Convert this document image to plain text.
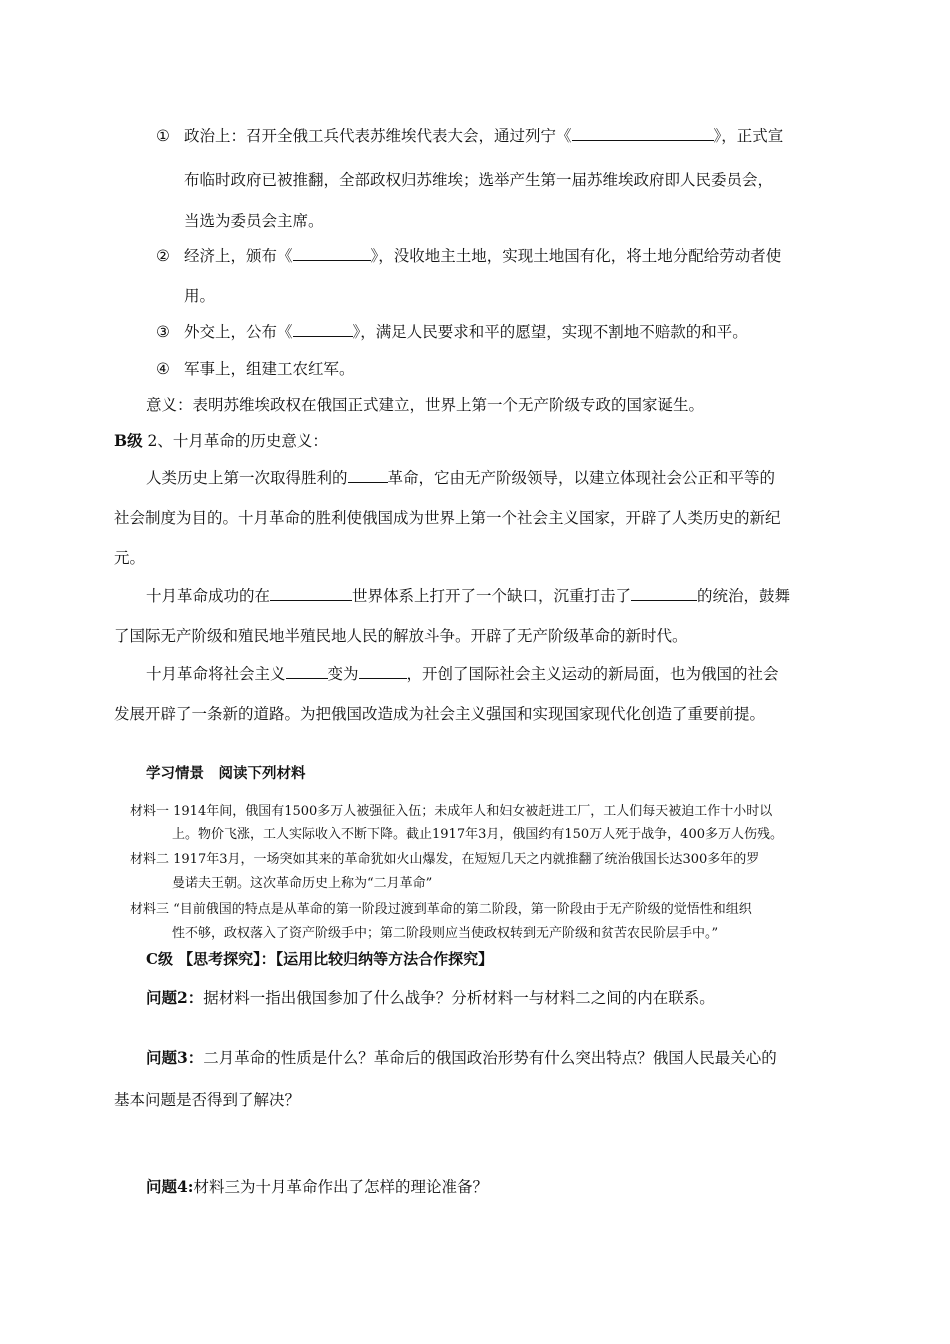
① 政治上：召开全俄工兵代表苏维埃代表大会，通过列宁《	》，正式宣
布临时政府已被推翻，全部政权归苏维埃；选举产生第一届苏维埃政府即人民委员会，
当选为委员会主席。
② 经济上，颁布《	》，没收地主土地，实现土地国有化，将土地分配给劳动者使
用。
③ 外交上，公布《	》，满足人民要求和平的愿望，实现不割地不赔款的和平。
④ 军事上，组建工农红军。
意义：表明苏维埃政权在俄国正式建立，世界上第一个无产阶级专政的国家诞生。
B级 2、十月革命的历史意义：
人类历史上第一次取得胜利的	革命，它由无产阶级领导，以建立体现社会公正和平等的
社会制度为目的。十月革命的胜利使俄国成为世界上第一个社会主义国家，开辟了人类历史的新纪
元。
十月革命成功的在	世界体系上打开了一个缺口，沉重打击了	的统治，鼓舞
了国际无产阶级和殖民地半殖民地人民的解放斗争。开辟了无产阶级革命的新时代。
十月革命将社会主义	变为	，开创了国际社会主义运动的新局面，也为俄国的社会
发展开辟了一条新的道路。为把俄国改造成为社会主义强国和实现国家现代化创造了重要前提。
学习情景　阅读下列材料
材料一 1914年间，俄国有1500多万人被强征入伍；未成年人和妇女被赶进工厂，工人们每天被迫工作十小时以
上。物价飞涨，工人实际收入不断下降。截止1917年3月，俄国约有150万人死于战争，400多万人伤残。
材料二 1917年3月，一场突如其来的革命犹如火山爆发，在短短几天之内就推翻了统治俄国长达300多年的罗
曼诺夫王朝。这次革命历史上称为“二月革命”
材料三 “目前俄国的特点是从革命的第一阶段过渡到革命的第二阶段，第一阶段由于无产阶级的觉悟性和组织
性不够，政权落入了资产阶级手中；第二阶段则应当使政权转到无产阶级和贫苦农民阶层手中。”
C级 【思考探究】：【运用比较归纳等方法合作探究】
问题2：据材料一指出俄国参加了什么战争？分析材料一与材料二之间的内在联系。
问题3：二月革命的性质是什么？革命后的俄国政治形势有什么突出特点？俄国人民最关心的
基本问题是否得到了解决？
问题4:材料三为十月革命作出了怎样的理论准备？
